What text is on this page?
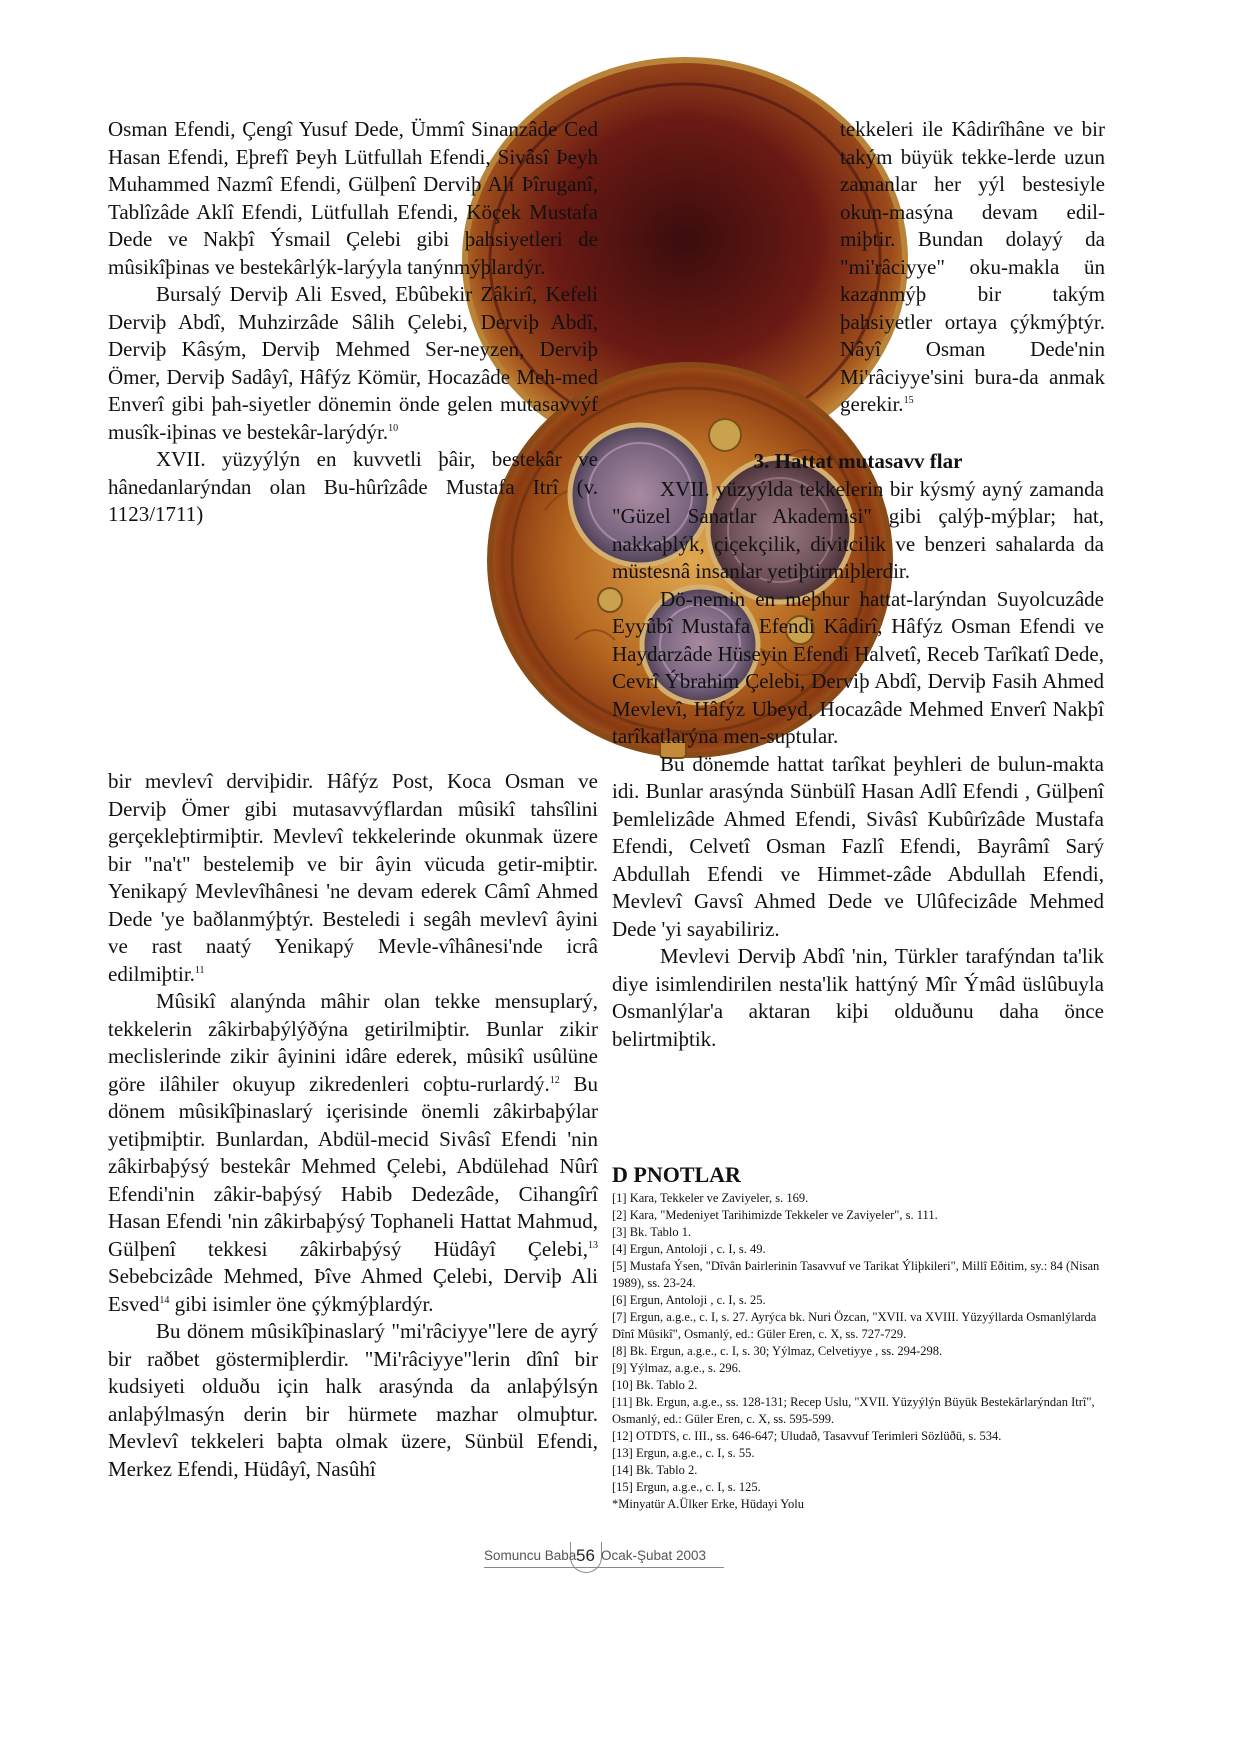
Osman Efendi, Çengî Yusuf Dede, Ümmî Sinanzâde Ced Hasan Efendi, Eþrefî Þeyh Lütfullah Efendi, Sivâsî Þeyh Muhammed Nazmî Efendi, Gülþenî Derviþ Ali Þîruganî, Tablîzâde Aklî Efendi, Lütfullah Efendi, Köçek Mustafa Dede ve Nakþî Ýsmail Çelebi gibi þahsiyetleri de mûsikîþinas ve bestekârlýk-larýyla tanýnmýþlardýr.

Bursalý Derviþ Ali Esved, Ebûbekir Zâkirî, Kefeli Derviþ Abdî, Muhzirzâde Sâlih Çelebi, Derviþ Abdî, Derviþ Kâsým, Derviþ Mehmed Ser-neyzen, Derviþ Ömer, Derviþ Sadâyî, Hâfýz Kömür, Hocazâde Meh-med Enverî gibi þah-siyetler dönemin önde gelen mutasavvýf musîk-iþinas ve bestekâr-larýdýr.$^{10}$

XVII. yüzyýlýn en kuvvetli þâir, bestekâr ve hânedanlarýndan olan Bu-hûrîzâde Mustafa Itrî (v. 1123/1711)

bir mevlevî derviþidir. Hâfýz Post, Koca Osman ve Derviþ Ömer gibi mutasavvýflardan mûsikî tahsîlini gerçekleþtirmiþtir. Mevlevî tekkelerinde okunmak üzere bir "na't" bestelemiþ ve bir âyin vücuda getir-miþtir. Yenikapý Mevlevîhânesi 'ne devam ederek Câmî Ahmed Dede 'ye baðlanmýþtýr. Besteledi i segâh mevlevî âyini ve rast naatý Yenikapý Mevle-vîhânesi'nde icrâ edilmiþtir.$^{11}$

Mûsikî alanýnda mâhir olan tekke mensuplarý, tekkelerin zâkirbaþýlýðýna getirilmiþtir. Bunlar zikir meclislerinde zikir âyinini idâre ederek, mûsikî usûlüne göre ilâhiler okuyup zikredenleri coþtu-rurlardý.$^{12}$ Bu dönem mûsikîþinaslarý içerisinde önemli zâkirbaþýlar yetiþmiþtir. Bunlardan, Abdül-mecid Sivâsî Efendi 'nin zâkirbaþýsý bestekâr Mehmed Çelebi, Abdülehad Nûrî Efendi'nin zâkir-baþýsý Habib Dedezâde, Cihangîrî Hasan Efendi 'nin zâkirbaþýsý Tophaneli Hattat Mahmud, Gülþenî tekkesi zâkirbaþýsý Hüdâyî Çelebi,$^{13}$ Sebebcizâde Mehmed, Þîve Ahmed Çelebi, Derviþ Ali Esved$^{14}$ gibi isimler öne çýkmýþlardýr.

Bu dönem mûsikîþinaslarý "mi'râciyye"lere de ayrý bir raðbet göstermiþlerdir. "Mi'râciyye"lerin dînî bir kudsiyeti olduðu için halk arasýnda da anlaþýlsýn anlaþýlmasýn derin bir hürmete mazhar olmuþtur. Mevlevî tekkeleri baþta olmak üzere, Sünbül Efendi, Merkez Efendi, Hüdâyî, Nasûhî

tekkeleri ile Kâdirîhâne ve bir takým büyük tekke-lerde uzun zamanlar her yýl bestesiyle okun-masýna devam edil-miþtir. Bundan dolayý da "mi'râciyye" oku-makla ün kazanmýþ bir takým þahsiyetler ortaya çýkmýþtýr. Nâyî Osman Dede'nin Mi'râciyye'sini bura-da anmak gerekir.$^{15}$

3. Hattat mutasavv flar

XVII. yüzyýlda tekkelerin bir kýsmý ayný zamanda "Güzel Sanatlar Akademisi" gibi çalýþ-mýþlar; hat, nakkaþlýk, çiçekçilik, divitcilik ve benzeri sahalarda da müstesnâ insanlar yetiþtirmiþlerdir.

Dö-nemin en meþhur hattat-larýndan Suyolcuzâde Eyyûbî Mustafa Efendi Kâdirî, Hâfýz Osman Efendi ve Haydarzâde Hüseyin Efendi Halvetî, Receb Tarîkatî Dede, Cevrî Ýbrahim Çelebi, Derviþ Abdî, Derviþ Fasih Ahmed Mevlevî, Hâfýz Ubeyd, Hocazâde Mehmed Enverî Nakþî tarîkatlarýna men-suptular.

Bu dönemde hattat tarîkat þeyhleri de bulun-makta idi. Bunlar arasýnda Sünbülî Hasan Adlî Efendi , Gülþenî Þemlelizâde Ahmed Efendi, Sivâsî Kubûrîzâde Mustafa Efendi, Celvetî Osman Fazlî Efendi, Bayrâmî Sarý Abdullah Efendi ve Himmet-zâde Abdullah Efendi, Mevlevî Gavsî Ahmed Dede ve Ulûfecizâde Mehmed Dede 'yi sayabiliriz.

Mevlevi Derviþ Abdî 'nin, Türkler tarafýndan ta'lik diye isimlendirilen nesta'lik hattýný Mîr Ýmâd üslûbuyla Osmanlýlar'a aktaran kiþi olduðunu daha önce belirtmiþtik.

D PNOTLAR
[1] Kara, Tekkeler ve Zaviyeler, s. 169.
[2] Kara, "Medeniyet Tarihimizde Tekkeler ve Zaviyeler", s. 111.
[3] Bk. Tablo 1.
[4] Ergun, Antoloji , c. I, s. 49.
[5] Mustafa Ýsen, "Dîvân Þairlerinin Tasavvuf ve Tarikat Ýliþkileri", Millî Eðitim, sy.: 84 (Nisan 1989), ss. 23-24.
[6] Ergun, Antoloji , c. I, s. 25.
[7] Ergun, a.g.e., c. I, s. 27. Ayrýca bk. Nuri Özcan, "XVII. va XVIII. Yüzyýllarda Osmanlýlarda Dînî Mûsikî", Osmanlý, ed.: Güler Eren, c. X, ss. 727-729.
[8] Bk. Ergun, a.g.e., c. I, s. 30; Yýlmaz, Celvetiyye , ss. 294-298.
[9] Yýlmaz, a.g.e., s. 296.
[10] Bk. Tablo 2.
[11] Bk. Ergun, a.g.e., ss. 128-131; Recep Uslu, "XVII. Yüzyýlýn Büyük Bestekârlarýndan Itrî", Osmanlý, ed.: Güler Eren, c. X, ss. 595-599.
[12] OTDTS, c. III., ss. 646-647; Uludað, Tasavvuf Terimleri Sözlüðü, s. 534.
[13] Ergun, a.g.e., c. I, s. 55.
[14] Bk. Tablo 2.
[15] Ergun, a.g.e., c. I, s. 125.
*Minyatür A.Ülker Erke, Hüdayi Yolu
Somuncu Baba 56 Ocak-Şubat 2003
